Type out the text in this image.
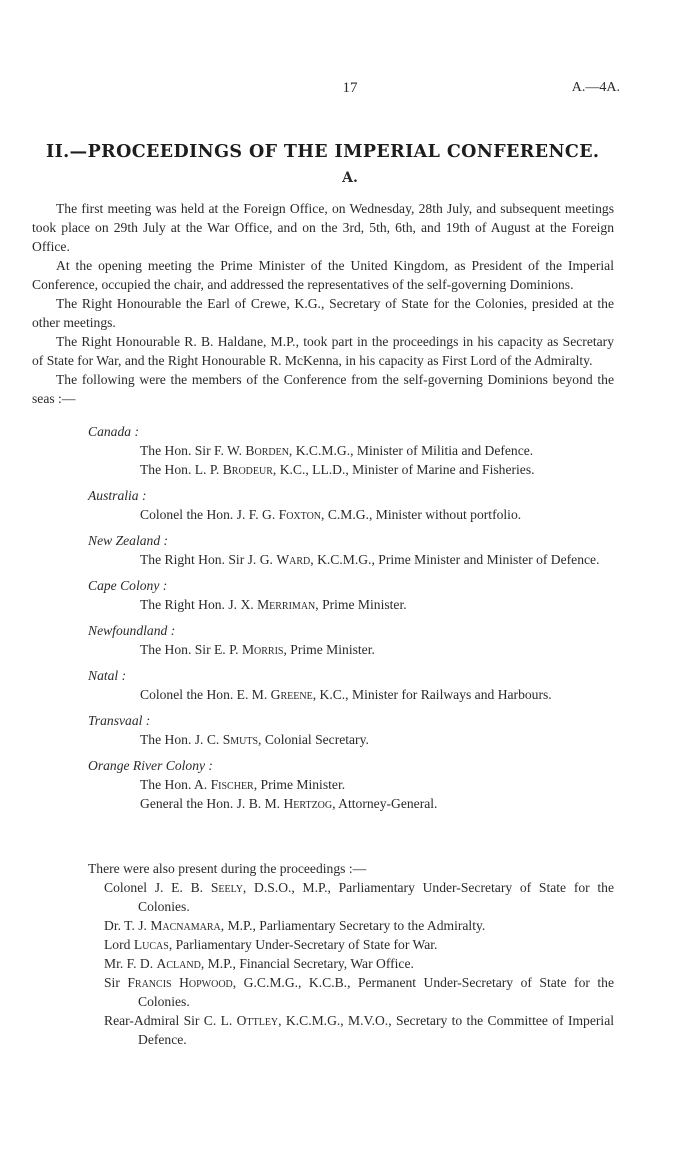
17	A.—4A.
II.—PROCEEDINGS OF THE IMPERIAL CONFERENCE.
A.

The first meeting was held at the Foreign Office, on Wednesday, 28th July, and subsequent meetings took place on 29th July at the War Office, and on the 3rd, 5th, 6th, and 19th of August at the Foreign Office.

At the opening meeting the Prime Minister of the United Kingdom, as President of the Imperial Conference, occupied the chair, and addressed the representatives of the self-governing Dominions.

The Right Honourable the Earl of Crewe, K.G., Secretary of State for the Colonies, presided at the other meetings.

The Right Honourable R. B. Haldane, M.P., took part in the proceedings in his capacity as Secretary of State for War, and the Right Honourable R. McKenna, in his capacity as First Lord of the Admiralty.

The following were the members of the Conference from the self-governing Dominions beyond the seas :—

Canada :
The Hon. Sir F. W. Borden, K.C.M.G., Minister of Militia and Defence.
The Hon. L. P. Brodeur, K.C., LL.D., Minister of Marine and Fisheries.
Australia :
Colonel the Hon. J. F. G. Foxton, C.M.G., Minister without portfolio.
New Zealand :
The Right Hon. Sir J. G. Ward, K.C.M.G., Prime Minister and Minister of Defence.
Cape Colony :
The Right Hon. J. X. Merriman, Prime Minister.
Newfoundland :
The Hon. Sir E. P. Morris, Prime Minister.
Natal :
Colonel the Hon. E. M. Greene, K.C., Minister for Railways and Harbours.
Transvaal :
The Hon. J. C. Smuts, Colonial Secretary.
Orange River Colony :
The Hon. A. Fischer, Prime Minister.
General the Hon. J. B. M. Hertzog, Attorney-General.
There were also present during the proceedings :—
Colonel J. E. B. Seely, D.S.O., M.P., Parliamentary Under-Secretary of State for the Colonies.
Dr. T. J. Macnamara, M.P., Parliamentary Secretary to the Admiralty.
Lord Lucas, Parliamentary Under-Secretary of State for War.
Mr. F. D. Acland, M.P., Financial Secretary, War Office.
Sir Francis Hopwood, G.C.M.G., K.C.B., Permanent Under-Secretary of State for the Colonies.
Rear-Admiral Sir C. L. Ottley, K.C.M.G., M.V.O., Secretary to the Committee of Imperial Defence.
